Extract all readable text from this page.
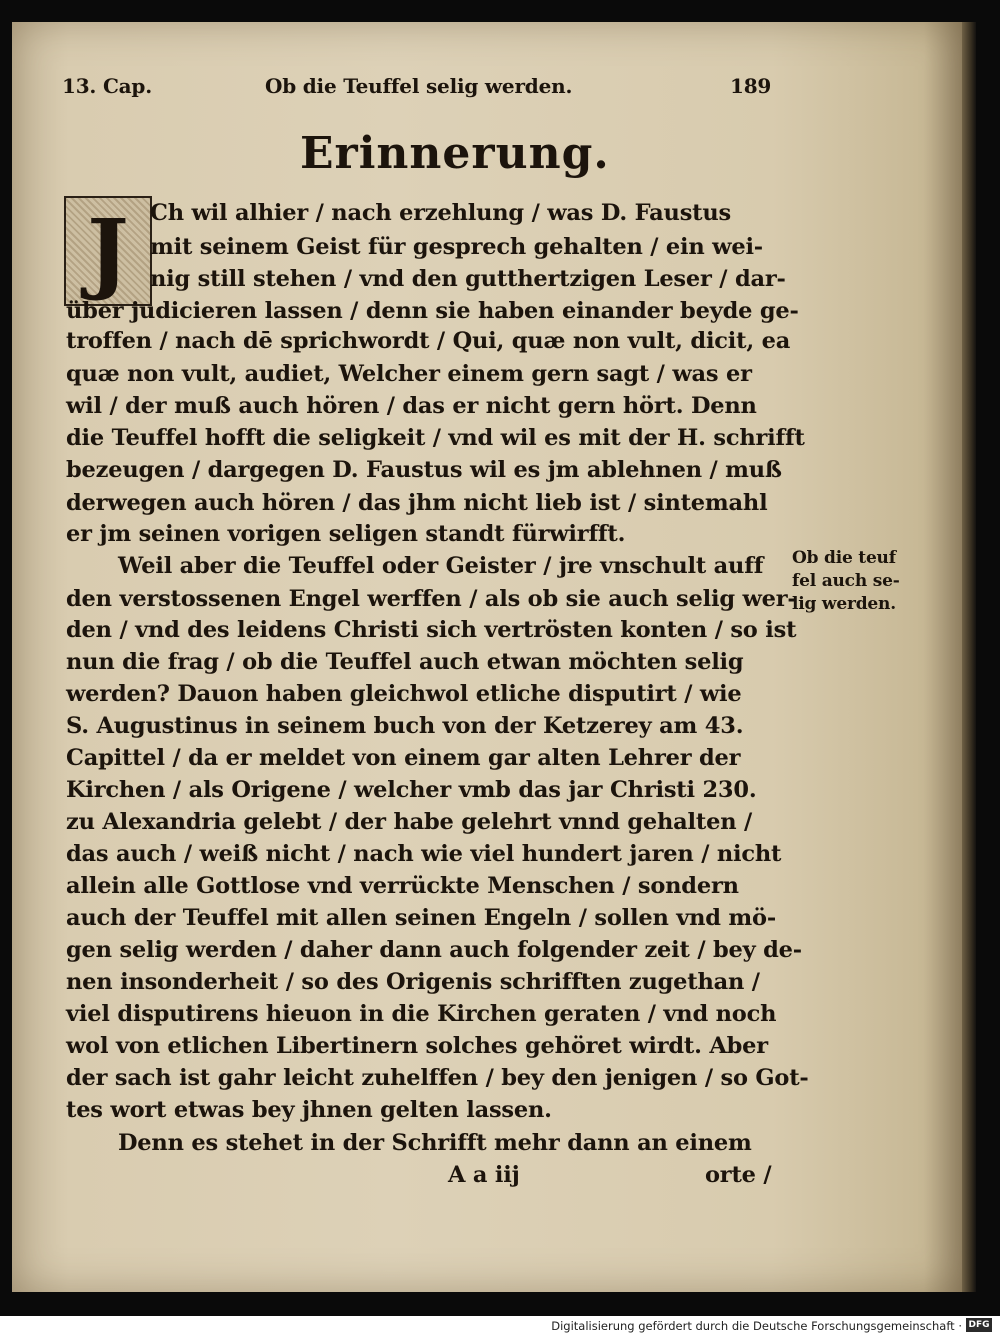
13. Cap.	Ob die Teuffel selig werden.	189
Erinnerung.
J Ch wil alhier / nach erzehlung / was D. Faustus
mit seinem Geist für gesprech gehalten / ein wei-
nig still stehen / vnd den gutthertzigen Leser / dar-
über judicieren lassen / denn sie haben einander beyde ge-
troffen / nach dē sprichwordt / Qui, quæ non vult, dicit, ea
quæ non vult, audiet, Welcher einem gern sagt / was er
wil / der muß auch hören / das er nicht gern hört. Denn
die Teuffel hofft die seligkeit / vnd wil es mit der H. schrifft
bezeugen / dargegen D. Faustus wil es jm ablehnen / muß
derwegen auch hören / das jhm nicht lieb ist / sintemahl
er jm seinen vorigen seligen standt fürwirfft.
Weil aber die Teuffel oder Geister / jre vnschult auff
den verstossenen Engel werffen / als ob sie auch selig wer-
den / vnd des leidens Christi sich vertrösten konten / so ist
nun die frag / ob die Teuffel auch etwan möchten selig
werden? Dauon haben gleichwol etliche disputirt / wie
S. Augustinus in seinem buch von der Ketzerey am 43.
Capittel / da er meldet von einem gar alten Lehrer der
Kirchen / als Origene / welcher vmb das jar Christi 230.
zu Alexandria gelebt / der habe gelehrt vnnd gehalten /
das auch / weiß nicht / nach wie viel hundert jaren / nicht
allein alle Gottlose vnd verrückte Menschen / sondern
auch der Teuffel mit allen seinen Engeln / sollen vnd mö-
gen selig werden / daher dann auch folgender zeit / bey de-
nen insonderheit / so des Origenis schrifften zugethan /
viel disputirens hieuon in die Kirchen geraten / vnd noch
wol von etlichen Libertinern solches gehöret wirdt. Aber
der sach ist gahr leicht zuhelffen / bey den jenigen / so Got-
tes wort etwas bey jhnen gelten lassen.
Denn es stehet in der Schrifft mehr dann an einem
Ob die teuf
fel auch se-
lig werden.
A a iij	orte /
Digitalisierung gefördert durch die Deutsche Forschungsgemeinschaft · DFG
